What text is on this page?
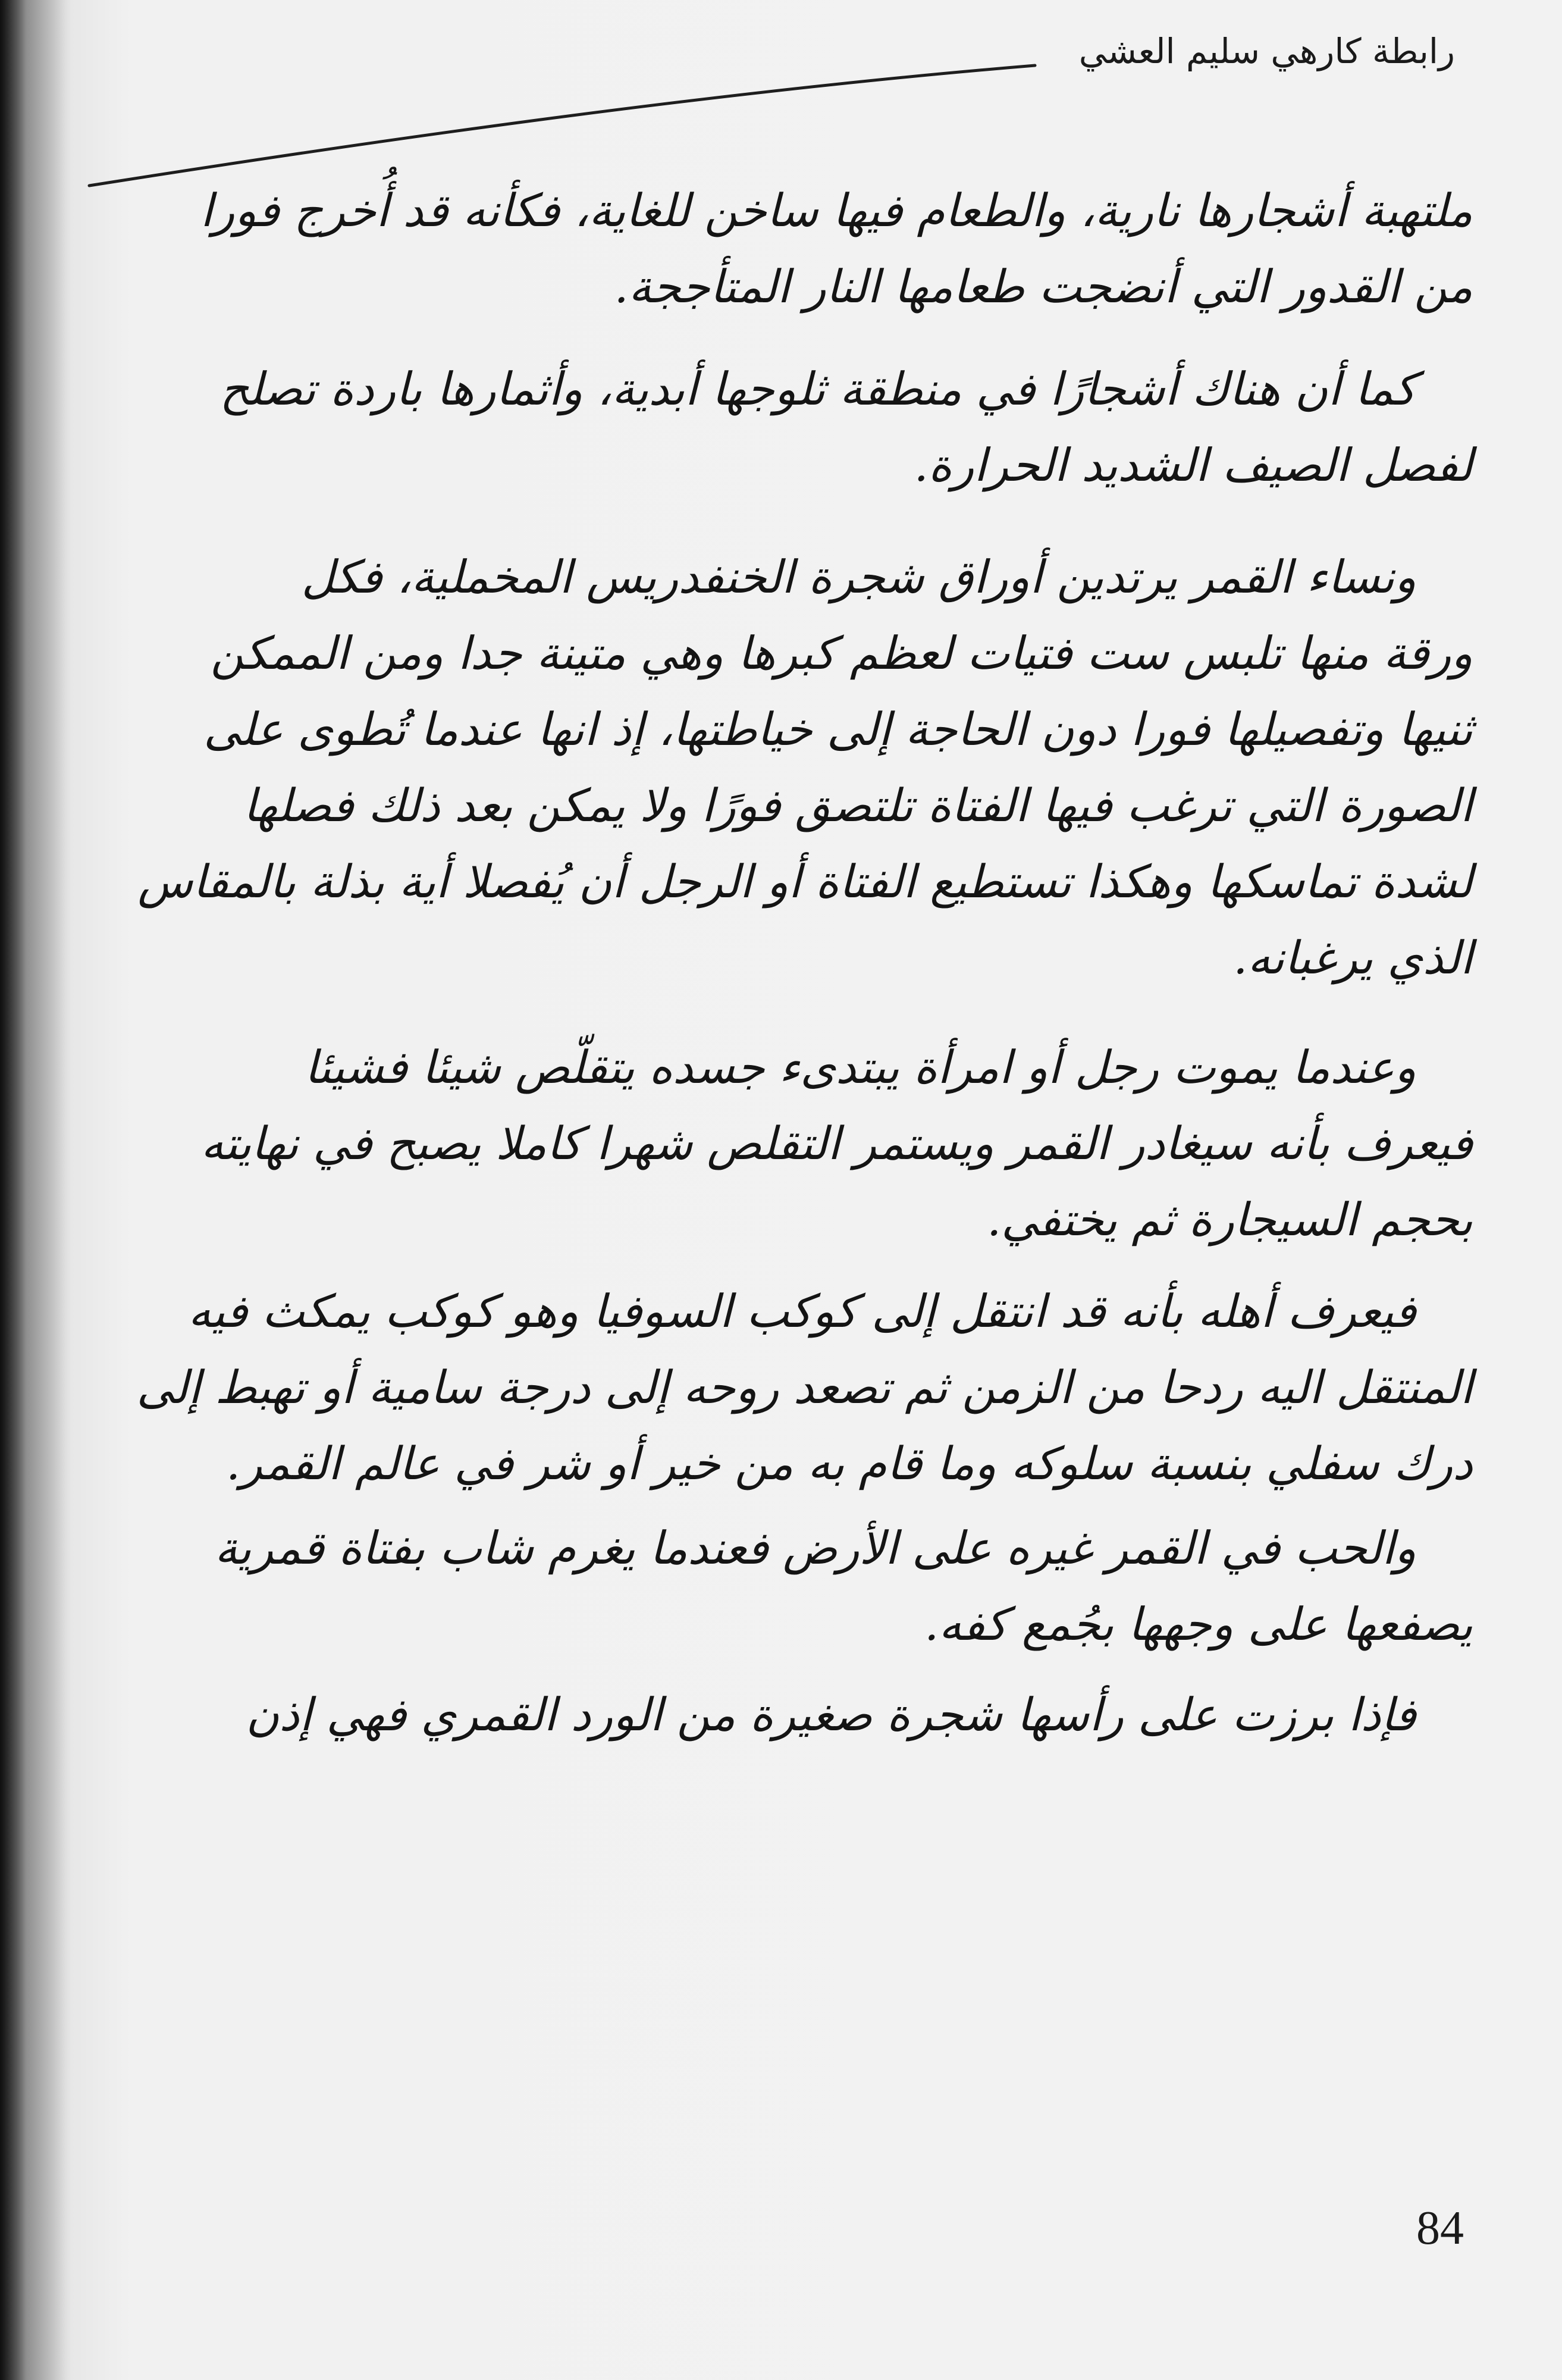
رابطة كارهي سليم العشي
ملتهبة أشجارها نارية، والطعام فيها ساخن للغاية، فكأنه قد أُخرج فورا
من القدور التي أنضجت طعامها النار المتأججة.
كما أن هناك أشجارًا في منطقة ثلوجها أبدية، وأثمارها باردة تصلح
لفصل الصيف الشديد الحرارة.
ونساء القمر يرتدين أوراق شجرة الخنفدريس المخملية، فكل
ورقة منها تلبس ست فتيات لعظم كبرها وهي متينة جدا ومن الممكن
ثنيها وتفصيلها فورا دون الحاجة إلى خياطتها، إذ انها عندما تُطوى على
الصورة التي ترغب فيها الفتاة تلتصق فورًا ولا يمكن بعد ذلك فصلها
لشدة تماسكها وهكذا تستطيع الفتاة أو الرجل أن يُفصلا أية بذلة بالمقاس
الذي يرغبانه.
وعندما يموت رجل أو امرأة يبتدىء جسده يتقلّص شيئا فشيئا
فيعرف بأنه سيغادر القمر ويستمر التقلص شهرا كاملا يصبح في نهايته
بحجم السيجارة ثم يختفي.
فيعرف أهله بأنه قد انتقل إلى كوكب السوفيا وهو كوكب يمكث فيه
المنتقل اليه ردحا من الزمن ثم تصعد روحه إلى درجة سامية أو تهبط إلى
درك سفلي بنسبة سلوكه وما قام به من خير أو شر في عالم القمر.
والحب في القمر غيره على الأرض فعندما يغرم شاب بفتاة قمرية
يصفعها على وجهها بجُمع كفه.
فإذا برزت على رأسها شجرة صغيرة من الورد القمري فهي إذن
84
